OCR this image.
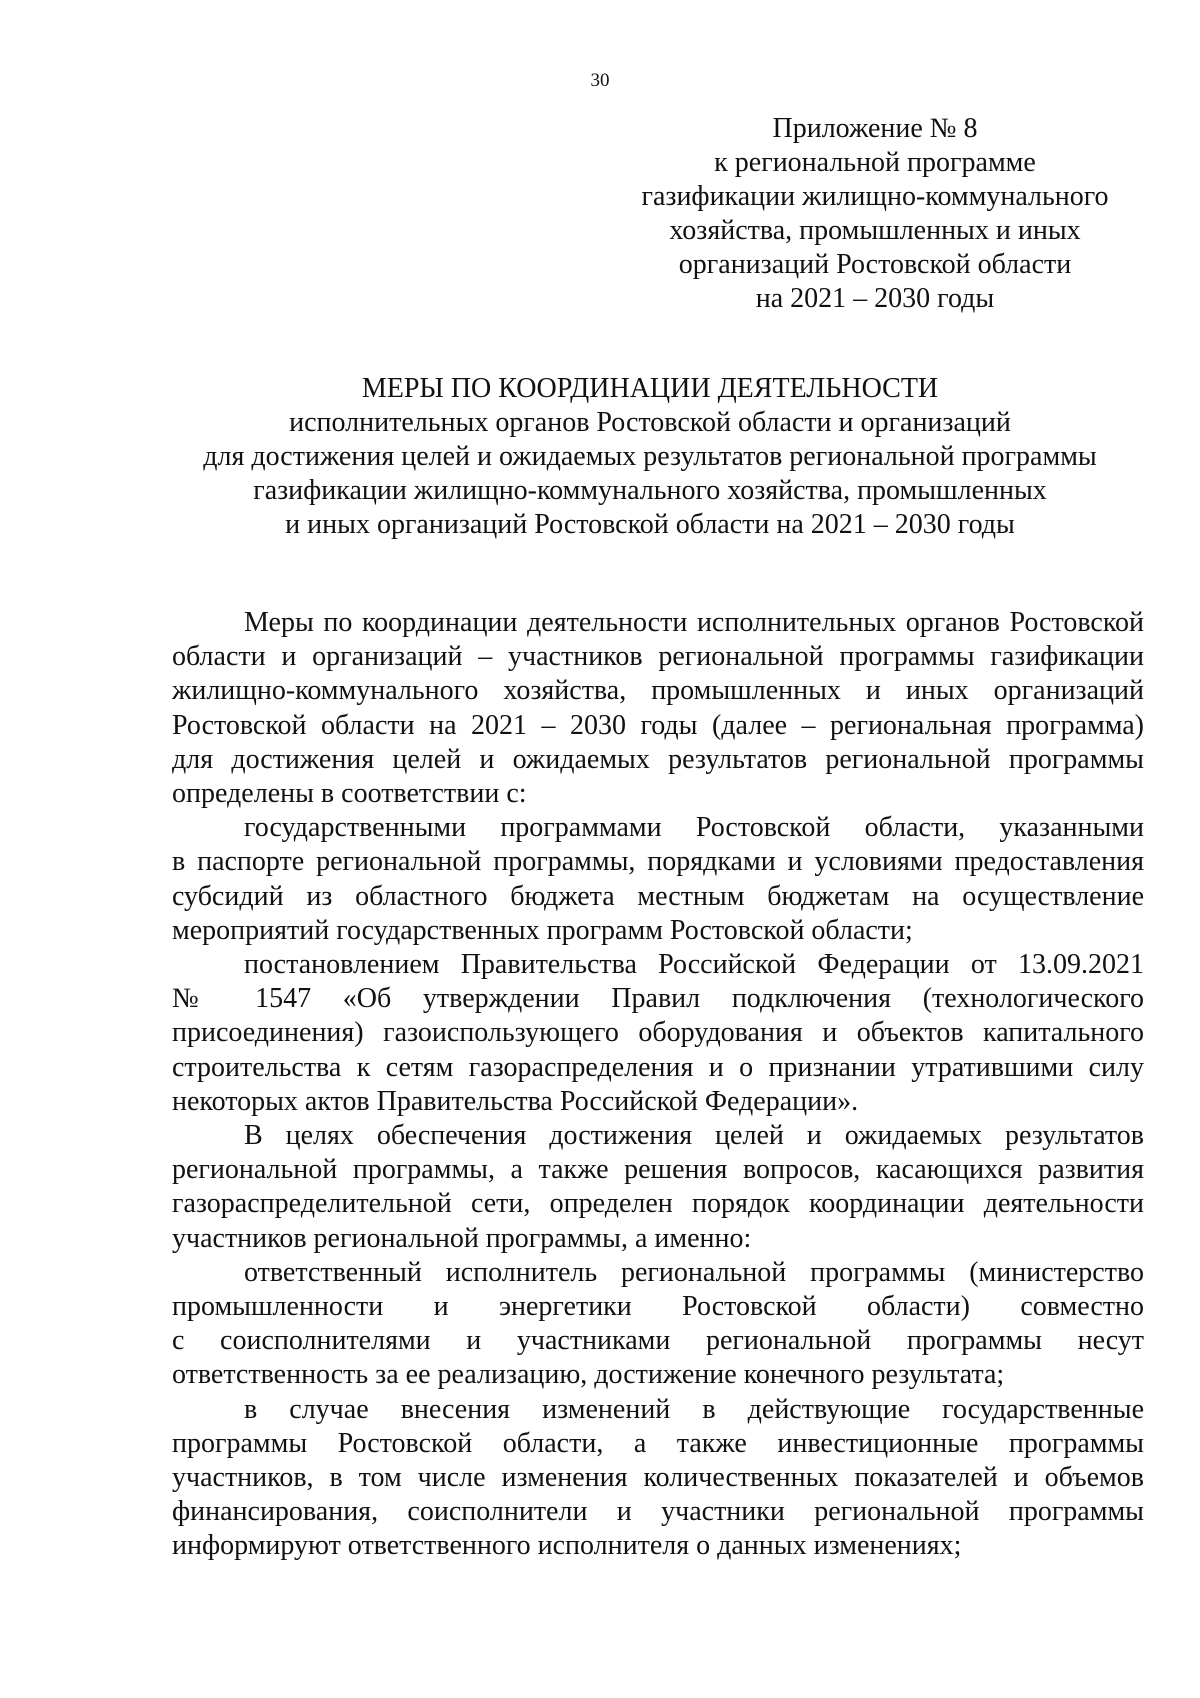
30
Приложение № 8
к региональной программе
газификации жилищно-коммунального
хозяйства, промышленных и иных
организаций Ростовской области
на 2021 – 2030 годы
МЕРЫ ПО КООРДИНАЦИИ ДЕЯТЕЛЬНОСТИ
исполнительных органов Ростовской области и организаций
для достижения целей и ожидаемых результатов региональной программы
газификации жилищно-коммунального хозяйства, промышленных
и иных организаций Ростовской области на 2021 – 2030 годы

Меры по координации деятельности исполнительных органов Ростовской
области и организаций – участников региональной программы газификации
жилищно-коммунального хозяйства, промышленных и иных организаций
Ростовской области на 2021 – 2030 годы (далее – региональная программа)
для достижения целей и ожидаемых результатов региональной программы
определены в соответствии с:

государственными программами Ростовской области, указанными
в паспорте региональной программы, порядками и условиями предоставления
субсидий из областного бюджета местным бюджетам на осуществление
мероприятий государственных программ Ростовской области;

постановлением Правительства Российской Федерации от 13.09.2021
№ 1547 «Об утверждении Правил подключения (технологического
присоединения) газоиспользующего оборудования и объектов капитального
строительства к сетям газораспределения и о признании утратившими силу
некоторых актов Правительства Российской Федерации».

В целях обеспечения достижения целей и ожидаемых результатов
региональной программы, а также решения вопросов, касающихся развития
газораспределительной сети, определен порядок координации деятельности
участников региональной программы, а именно:

ответственный исполнитель региональной программы (министерство
промышленности и энергетики Ростовской области) совместно
с соисполнителями и участниками региональной программы несут
ответственность за ее реализацию, достижение конечного результата;

в случае внесения изменений в действующие государственные
программы Ростовской области, а также инвестиционные программы
участников, в том числе изменения количественных показателей и объемов
финансирования, соисполнители и участники региональной программы
информируют ответственного исполнителя о данных изменениях;
